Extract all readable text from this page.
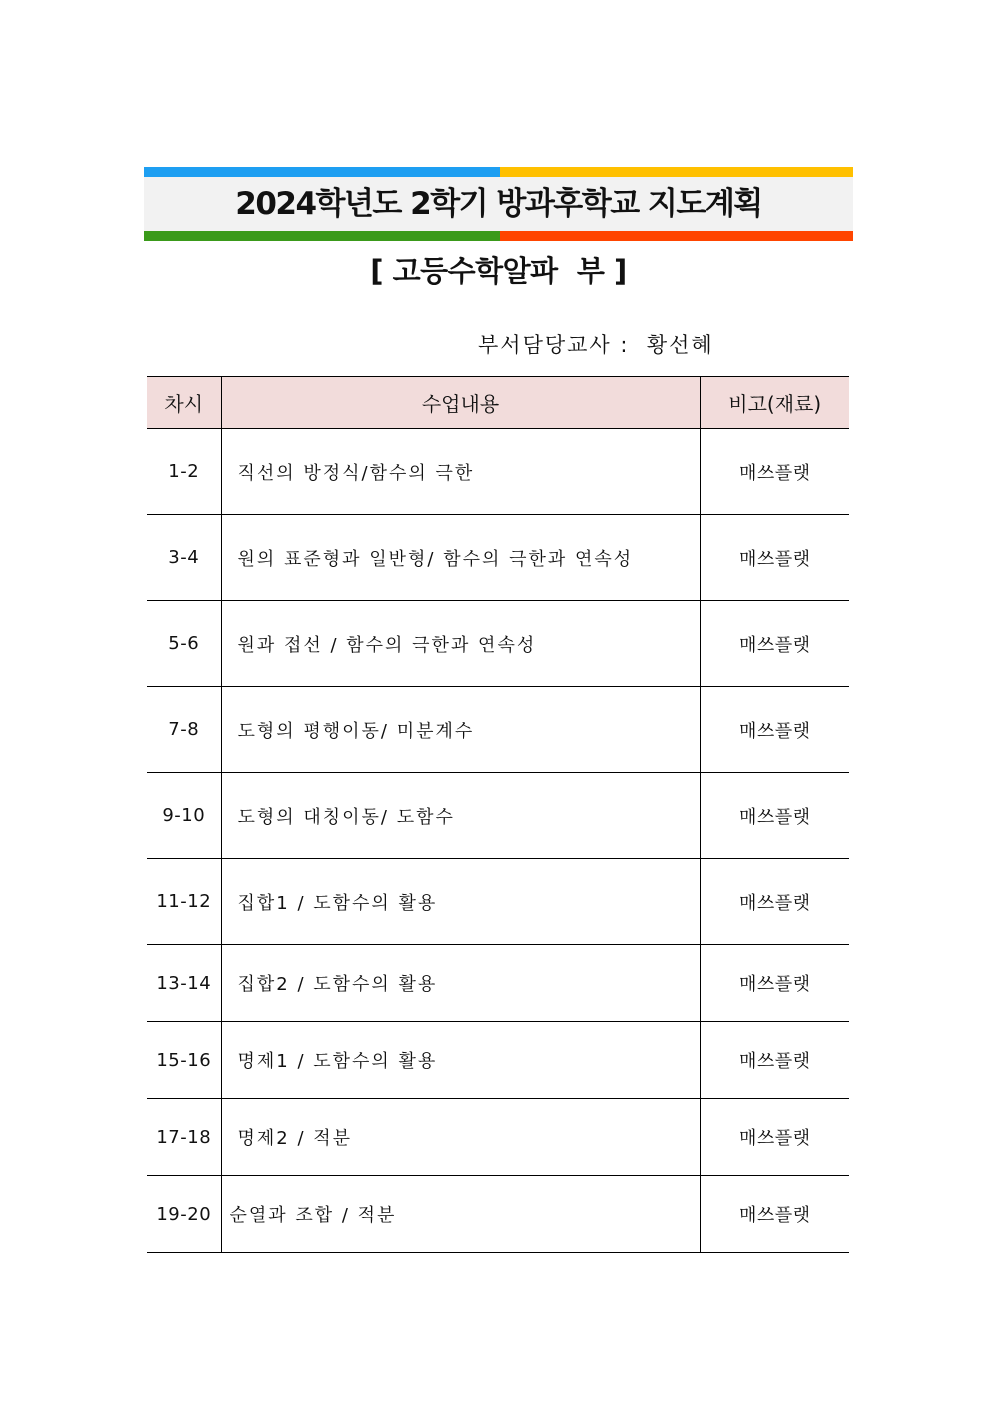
2024학년도 2학기 방과후학교 지도계획
[ 고등수학알파  부 ]
부서담당교사 :  황선혜
차시	수업내용	비고(재료)
1-2	직선의 방정식/함수의 극한	매쓰플랫
3-4	원의 표준형과 일반형/ 함수의 극한과 연속성	매쓰플랫
5-6	원과 접선 / 함수의 극한과 연속성	매쓰플랫
7-8	도형의 평행이동/ 미분계수	매쓰플랫
9-10	도형의 대칭이동/ 도함수	매쓰플랫
11-12	집합1 / 도함수의 활용	매쓰플랫
13-14	집합2 / 도함수의 활용	매쓰플랫
15-16	명제1 / 도함수의 활용	매쓰플랫
17-18	명제2 / 적분	매쓰플랫
19-20	순열과 조합 / 적분	매쓰플랫
